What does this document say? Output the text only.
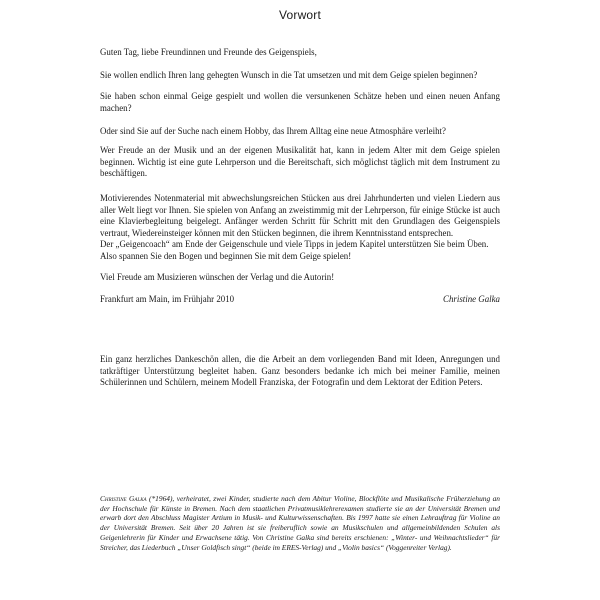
Vorwort

Guten Tag, liebe Freundinnen und Freunde des Geigenspiels,

Sie wollen endlich Ihren lang gehegten Wunsch in die Tat umsetzen und mit dem Geige spielen beginnen?

Sie haben schon einmal Geige gespielt und wollen die versunkenen Schätze heben und einen neuen Anfang machen?

Oder sind Sie auf der Suche nach einem Hobby, das Ihrem Alltag eine neue Atmosphäre verleiht?

Wer Freude an der Musik und an der eigenen Musikalität hat, kann in jedem Alter mit dem Geige spielen beginnen. Wichtig ist eine gute Lehrperson und die Bereitschaft, sich möglichst täglich mit dem Instrument zu beschäftigen.

Motivierendes Notenmaterial mit abwechslungsreichen Stücken aus drei Jahrhunderten und vielen Liedern aus aller Welt liegt vor Ihnen. Sie spielen von Anfang an zweistimmig mit der Lehrperson, für einige Stücke ist auch eine Klavierbegleitung beigelegt. Anfänger werden Schritt für Schritt mit den Grundlagen des Geigenspiels vertraut, Wiedereinsteiger können mit den Stücken beginnen, die ihrem Kenntnisstand entsprechen.

Der „Geigencoach“ am Ende der Geigenschule und viele Tipps in jedem Kapitel unterstützen Sie beim Üben.

Also spannen Sie den Bogen und beginnen Sie mit dem Geige spielen!

Viel Freude am Musizieren wünschen der Verlag und die Autorin!

Frankfurt am Main, im Frühjahr 2010	Christine Galka

Ein ganz herzliches Dankeschön allen, die die Arbeit an dem vorliegenden Band mit Ideen, Anregungen und tatkräftiger Unterstützung begleitet haben. Ganz besonders bedanke ich mich bei meiner Familie, meinen Schülerinnen und Schülern, meinem Modell Franziska, der Fotografin und dem Lektorat der Edition Peters.

Christine Galka (*1964), verheiratet, zwei Kinder, studierte nach dem Abitur Violine, Blockflöte und Musikalische Früherziehung an der Hochschule für Künste in Bremen. Nach dem staatlichen Privatmusiklehrerexamen studierte sie an der Universität Bremen und erwarb dort den Abschluss Magister Artium in Musik- und Kulturwissenschaften. Bis 1997 hatte sie einen Lehrauftrag für Violine an der Universität Bremen. Seit über 20 Jahren ist sie freiberuflich sowie an Musikschulen und allgemeinbildenden Schulen als Geigenlehrerin für Kinder und Erwachsene tätig. Von Christine Galka sind bereits erschienen: „Winter- und Weihnachtslieder“ für Streicher, das Liederbuch „Unser Goldfisch singt“ (beide im ERES-Verlag) und „Violin basics“ (Voggenreiter Verlag).
